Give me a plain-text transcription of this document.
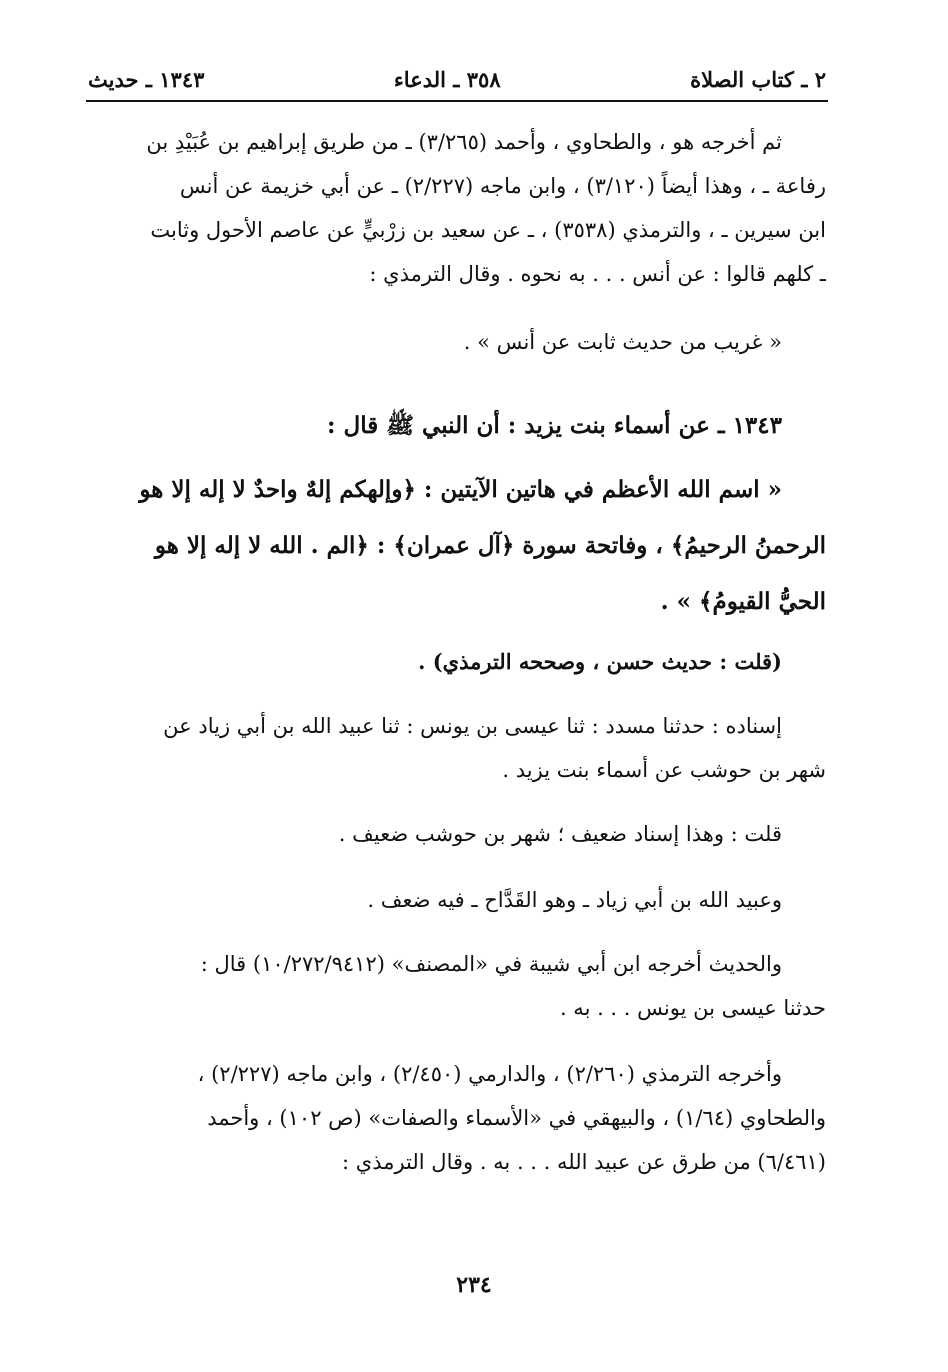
٢ ـ كتاب الصلاة
٣٥٨ ـ الدعاء
١٣٤٣ ـ حديث
ثم أخرجه هو ، والطحاوي ، وأحمد (٣/٢٦٥) ـ من طريق إبراهيم بن عُبَيْدِ بن
رفاعة ـ ، وهذا أيضاً (٣/١٢٠) ، وابن ماجه (٢/٢٢٧) ـ عن أبي خزيمة عن أنس
ابن سيرين ـ ، والترمذي (٣٥٣٨) ، ـ عن سعيد بن زرْبيٍّ عن عاصم الأحول وثابت
ـ كلهم قالوا : عن أنس . . . به نحوه . وقال الترمذي :
« غريب من حديث ثابت عن أنس » .
١٣٤٣ ـ عن أسماء بنت يزيد : أن النبي ﷺ قال :
« اسم الله الأعظم في هاتين الآيتين : ﴿وإلهكم إلهٌ واحدٌ لا إله إلا هو
الرحمنُ الرحيمُ﴾ ، وفاتحة سورة ﴿آل عمران﴾ : ﴿الم . الله لا إله إلا هو
الحيُّ القيومُ﴾ » .
(قلت : حديث حسن ، وصححه الترمذي) .
إسناده : حدثنا مسدد : ثنا عيسى بن يونس : ثنا عبيد الله بن أبي زياد عن
شهر بن حوشب عن أسماء بنت يزيد .
قلت : وهذا إسناد ضعيف ؛ شهر بن حوشب ضعيف .
وعبيد الله بن أبي زياد ـ وهو القَدَّاح ـ فيه ضعف .
والحديث أخرجه ابن أبي شيبة في «المصنف» (١٠/٢٧٢/٩٤١٢) قال :
حدثنا عيسى بن يونس . . . به .
وأخرجه الترمذي (٢/٢٦٠) ، والدارمي (٢/٤٥٠) ، وابن ماجه (٢/٢٢٧) ،
والطحاوي (١/٦٤) ، والبيهقي في «الأسماء والصفات» (ص ١٠٢) ، وأحمد
(٦/٤٦١) من طرق عن عبيد الله . . . به . وقال الترمذي :
٢٣٤
